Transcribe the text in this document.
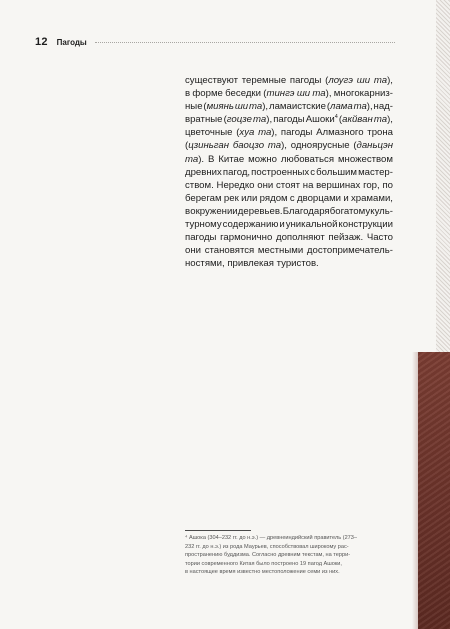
12 Пагоды
существуют теремные пагоды (лоугэ ши та),
в форме беседки (тингэ ши та), многокарниз-
ные (миянь ши та), ламаистские (лама та), над-
вратные (гоцзе та), пагоды Ашоки$^4$ (акйван та),
цветочные (хуа та), пагоды Алмазного трона
(цзиньган баоцзо та), одноярусные (даньцэн
та). В Китае можно любоваться множеством
древних пагод, построенных с большим мастер-
ством. Нередко они стоят на вершинах гор, по
берегам рек или рядом с дворцами и храмами,
в окружении деревьев. Благодаря богатому куль-
турному содержанию и уникальной конструкции
пагоды гармонично дополняют пейзаж. Часто
они становятся местными достопримечатель-
ностями, привлекая туристов.
⁴ Ашока (304–232 гг. до н.э.) — древнеиндийский правитель (273–
232 гг. до н.э.) из рода Маурьев, способствовал широкому рас-
пространению буддизма. Согласно древним текстам, на терри-
тории современного Китая было построено 19 пагод Ашоки,
в настоящее время известно местоположение семи из них.
